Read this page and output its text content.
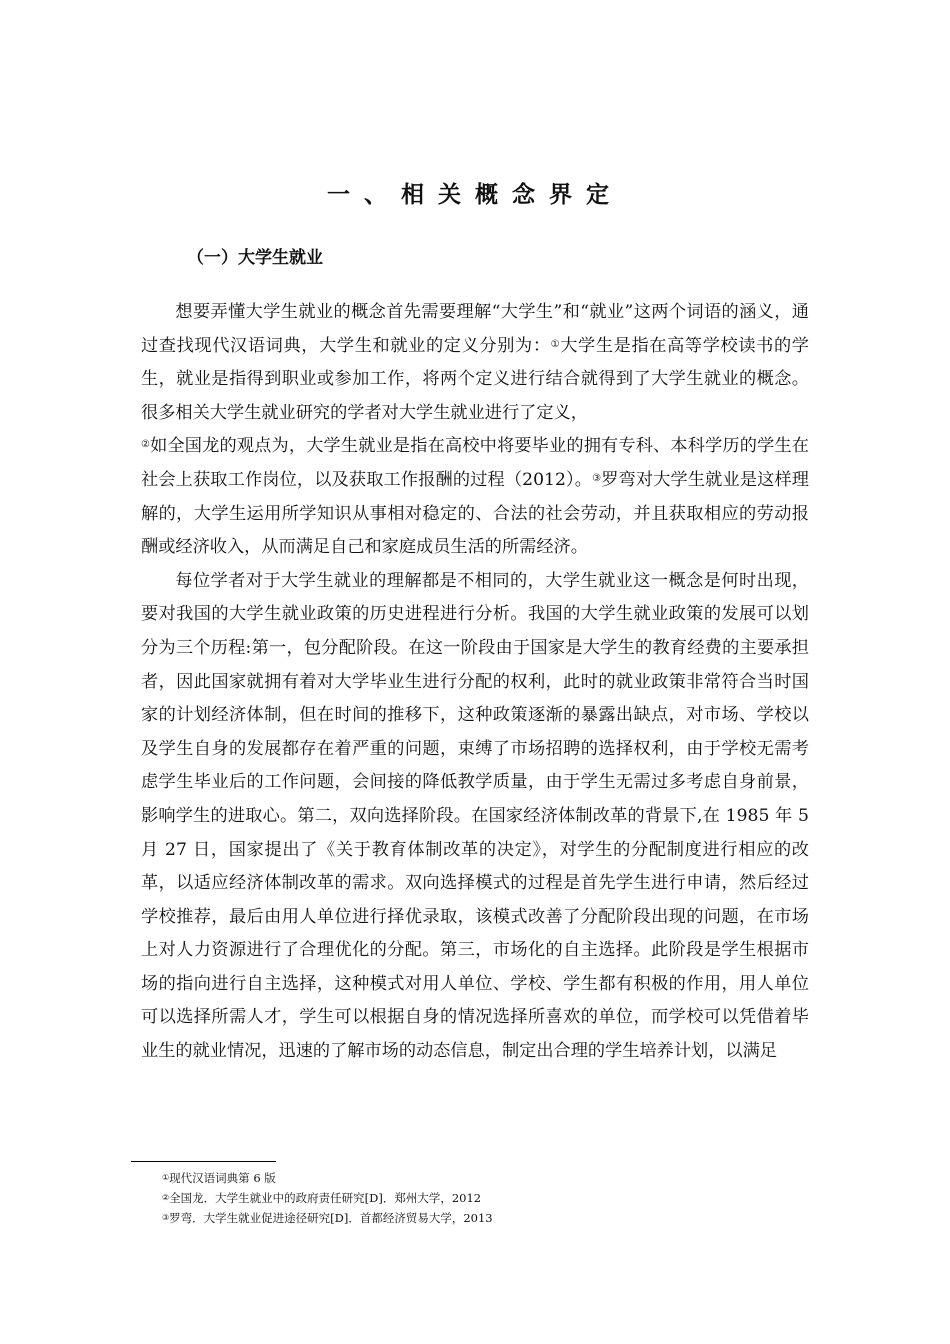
一、相关概念界定
（一）大学生就业

想要弄懂大学生就业的概念首先需要理解“大学生”和“就业”这两个词语的涵义，通过查找现代汉语词典，大学生和就业的定义分别为：①大学生是指在高等学校读书的学生，就业是指得到职业或参加工作，将两个定义进行结合就得到了大学生就业的概念。很多相关大学生就业研究的学者对大学生就业进行了定义，
②如全国龙的观点为，大学生就业是指在高校中将要毕业的拥有专科、本科学历的学生在社会上获取工作岗位，以及获取工作报酬的过程（2012）。③罗弯对大学生就业是这样理解的，大学生运用所学知识从事相对稳定的、合法的社会劳动，并且获取相应的劳动报酬或经济收入，从而满足自己和家庭成员生活的所需经济。

每位学者对于大学生就业的理解都是不相同的，大学生就业这一概念是何时出现，要对我国的大学生就业政策的历史进程进行分析。我国的大学生就业政策的发展可以划分为三个历程:第一，包分配阶段。在这一阶段由于国家是大学生的教育经费的主要承担者，因此国家就拥有着对大学毕业生进行分配的权利，此时的就业政策非常符合当时国家的计划经济体制，但在时间的推移下，这种政策逐渐的暴露出缺点，对市场、学校以及学生自身的发展都存在着严重的问题，束缚了市场招聘的选择权利，由于学校无需考虑学生毕业后的工作问题，会间接的降低教学质量，由于学生无需过多考虑自身前景，影响学生的进取心。第二，双向选择阶段。在国家经济体制改革的背景下,在 1985 年 5 月 27 日，国家提出了《关于教育体制改革的决定》，对学生的分配制度进行相应的改革，以适应经济体制改革的需求。双向选择模式的过程是首先学生进行申请，然后经过学校推荐，最后由用人单位进行择优录取，该模式改善了分配阶段出现的问题，在市场上对人力资源进行了合理优化的分配。第三，市场化的自主选择。此阶段是学生根据市场的指向进行自主选择，这种模式对用人单位、学校、学生都有积极的作用，用人单位可以选择所需人才，学生可以根据自身的情况选择所喜欢的单位，而学校可以凭借着毕业生的就业情况，迅速的了解市场的动态信息，制定出合理的学生培养计划，以满足

①现代汉语词典第 6 版

②全国龙．大学生就业中的政府责任研究[D]．郑州大学，2012

③罗弯．大学生就业促进途径研究[D]．首都经济贸易大学，2013
